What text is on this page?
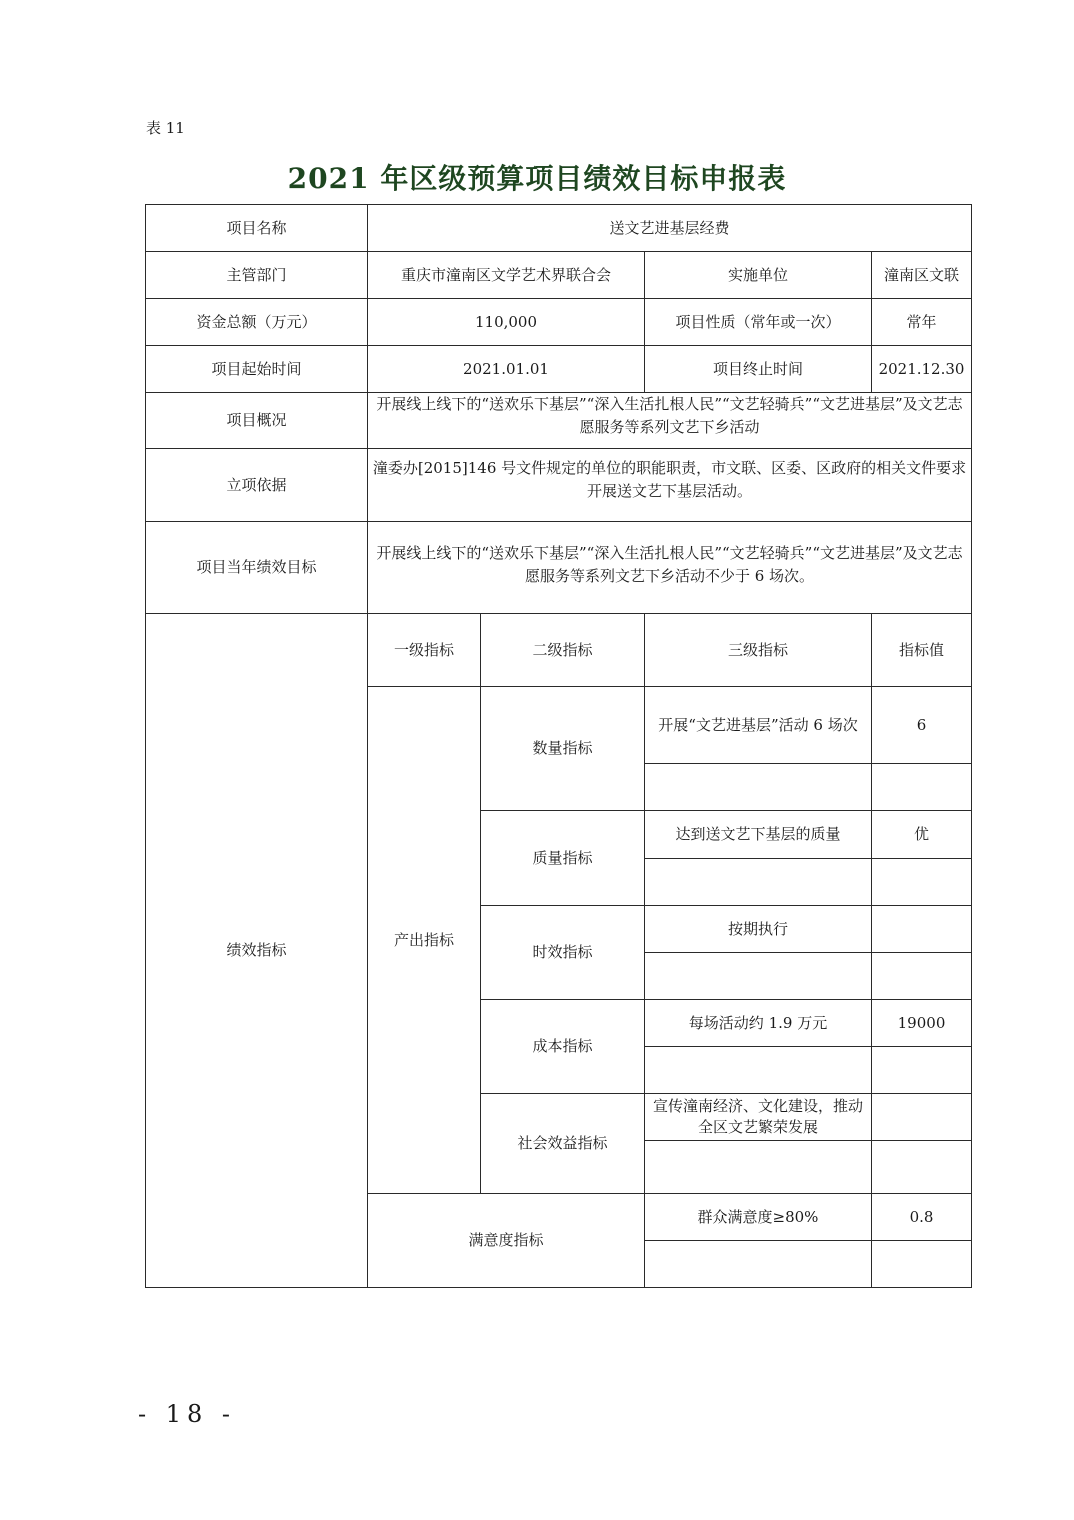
表 11
2021 年区级预算项目绩效目标申报表
项目名称	送文艺进基层经费			
主管部门	重庆市潼南区文学艺术界联合会		实施单位	潼南区文联
资金总额（万元）	110,000		项目性质（常年或一次）	常年
项目起始时间	2021.01.01		项目终止时间	2021.12.30
项目概况	开展线上线下的“送欢乐下基层”“深入生活扎根人民”“文艺轻骑兵”“文艺进基层”及文艺志愿服务等系列文艺下乡活动			
立项依据	潼委办[2015]146 号文件规定的单位的职能职责，市文联、区委、区政府的相关文件要求开展送文艺下基层活动。			
项目当年绩效目标	开展线上线下的“送欢乐下基层”“深入生活扎根人民”“文艺轻骑兵”“文艺进基层”及文艺志愿服务等系列文艺下乡活动不少于 6 场次。			
绩效指标	一级指标	二级指标	三级指标	指标值
	产出指标	数量指标	开展“文艺进基层”活动 6 场次	6

		质量指标	达到送文艺下基层的质量	优

		时效指标	按期执行	

		成本指标	每场活动约 1.9 万元	19000

		社会效益指标	宣传潼南经济、文化建设，推动全区文艺繁荣发展	

	满意度指标		群众满意度≥80%	0.8

- 18 -
